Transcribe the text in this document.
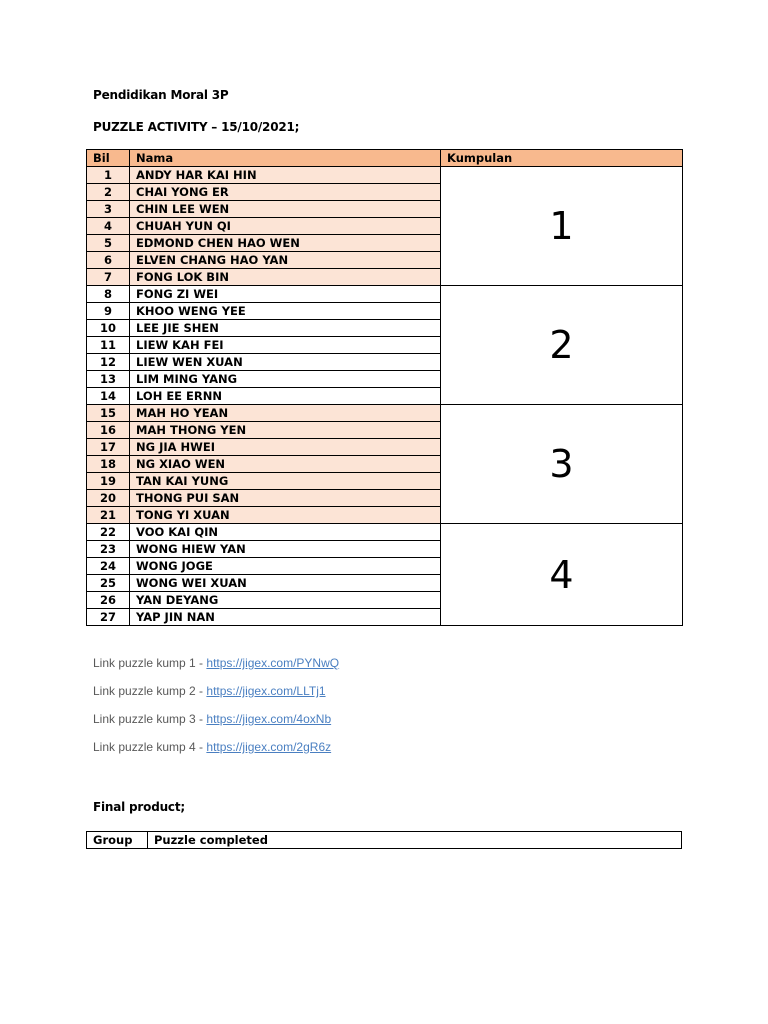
Pendidikan Moral 3P
PUZZLE ACTIVITY – 15/10/2021;
Bil	Nama	Kumpulan
1	ANDY HAR KAI HIN	1
2	CHAI YONG ER	
3	CHIN LEE WEN	
4	CHUAH YUN QI	
5	EDMOND CHEN HAO WEN	
6	ELVEN CHANG HAO YAN	
7	FONG LOK BIN	
8	FONG ZI WEI	2
9	KHOO WENG YEE	
10	LEE JIE SHEN	
11	LIEW KAH FEI	
12	LIEW WEN XUAN	
13	LIM MING YANG	
14	LOH EE ERNN	
15	MAH HO YEAN	3
16	MAH THONG YEN	
17	NG JIA HWEI	
18	NG XIAO WEN	
19	TAN KAI YUNG	
20	THONG PUI SAN	
21	TONG YI XUAN	
22	VOO KAI QIN	4
23	WONG HIEW YAN	
24	WONG JOGE	
25	WONG WEI XUAN	
26	YAN DEYANG	
27	YAP JIN NAN	
Link puzzle kump 1 - https://jigex.com/PYNwQ
Link puzzle kump 2 - https://jigex.com/LLTj1
Link puzzle kump 3 - https://jigex.com/4oxNb
Link puzzle kump 4 - https://jigex.com/2gR6z
Final product;
Group	Puzzle completed
